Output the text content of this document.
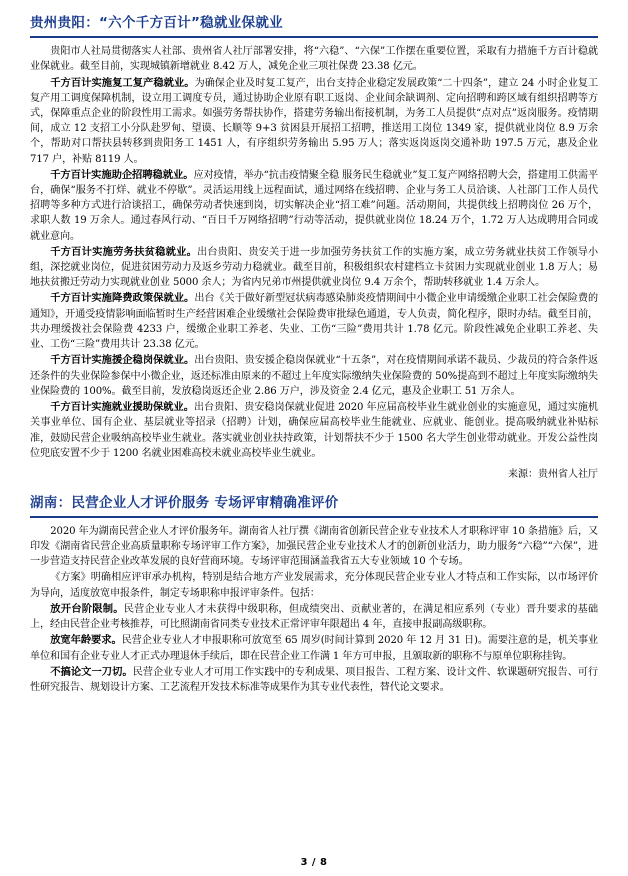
贵州贵阳：“六个千方百计”稳就业保就业

贵阳市人社局贯彻落实人社部、贵州省人社厅部署安排，将“六稳”、“六保”工作摆在重要位置，采取有力措施千方百计稳就业保就业。截至目前，实现城镇新增就业 8.42 万人，减免企业三项社保费 23.38 亿元。

千方百计实施复工复产稳就业。为确保企业及时复工复产，出台支持企业稳定发展政策“二十四条”，建立 24 小时企业复工复产用工调度保障机制，设立用工调度专员，通过协助企业原有职工返岗、企业间余缺调剂、定向招聘和跨区域有组织招聘等方式，保障重点企业的阶段性用工需求。如强劳务帮扶协作，搭建劳务输出衔接机制，为务工人员提供“点对点”返岗服务。疫情期间，成立 12 支招工小分队赴罗甸、望谟、长顺等 9+3 贫困县开展招工招聘，推送用工岗位 1349 家，提供就业岗位 8.9 万余个，帮助对口帮扶县转移到贵阳务工 1451 人，有序组织劳务输出 5.95 万人；落实返岗返岗交通补助 197.5 万元，惠及企业 717 户，补贴 8119 人。

千方百计实施助企招聘稳就业。应对疫情，举办“抗击疫情聚全稳 服务民生稳就业”复工复产网络招聘大会，搭建用工供需平台，确保“服务不打烊、就业不停歇”。灵活运用线上远程面试，通过网络在线招聘、企业与务工人员洽谈、人社部门工作人员代招聘等多种方式进行洽谈招工，确保劳动者快速到岗，切实解决企业“招工难”问题。活动期间，共提供线上招聘岗位 26 万个，求职人数 19 万余人。通过春风行动、“百日千万网络招聘”行动等活动，提供就业岗位 18.24 万个，1.72 万人达成聘用合同或就业意向。

千方百计实施劳务扶贫稳就业。出台贵阳、贵安关于进一步加强劳务扶贫工作的实施方案，成立劳务就业扶贫工作领导小组，深挖就业岗位，促进贫困劳动力及返乡劳动力稳就业。截至目前，积极组织农村建档立卡贫困力实现就业创业 1.8 万人；易地扶贫搬迁劳动力实现就业创业 5000 余人；为省内兄弟市州提供就业岗位 9.4 万余个，帮助转移就业 1.4 万余人。

千方百计实施降费政策保就业。出台《关于做好新型冠状病毒感染肺炎疫情期间中小微企业申请缓缴企业职工社会保险费的通知》，开通受疫情影响面临暂时生产经营困难企业缓缴社会保险费审批绿色通道，专人负责，简化程序，限时办结。截至目前，共办理缓拨社会保险费 4233 户，缓缴企业职工养老、失业、工伤“三险”费用共计 1.78 亿元。阶段性减免企业职工养老、失业、工伤“三险”费用共计 23.38 亿元。

千方百计实施援企稳岗保就业。出台贵阳、贵安援企稳岗保就业“十五条”，对在疫情期间承诺不裁员、少裁员的符合条件返还条件的失业保险参保中小微企业，返还标准由原来的不超过上年度实际缴纳失业保险费的 50%提高到不超过上年度实际缴纳失业保险费的 100%。截至目前，发放稳岗返还企业 2.86 万户，涉及资金 2.4 亿元，惠及企业职工 51 万余人。

千方百计实施就业援助保就业。出台贵阳、贵安稳岗保就业促进 2020 年应届高校毕业生就业创业的实施意见，通过实施机关事业单位、国有企业、基层就业等招录（招聘）计划，确保应届高校毕业生能就业、应就业、能创业。提高吸纳就业补贴标准，鼓励民营企业吸纳高校毕业生就业。落实就业创业扶持政策，计划帮扶不少于 1500 名大学生创业带动就业。开发公益性岗位兜底安置不少于 1200 名就业困难高校未就业高校毕业生就业。

来源：贵州省人社厅

湖南：民营企业人才评价服务 专场评审精确准评价

2020 年为湖南民营企业人才评价服务年。湖南省人社厅撰《湖南省创新民营企业专业技术人才职称评审 10 条措施》后，又印发《湖南省民营企业高质量职称专场评审工作方案》，加强民营企业专业技术人才的创新创业活力，助力服务“六稳”“六保”，进一步营造支持民营企业改革发展的良好营商环境。专场评审范围涵盖我省五大专业领域 10 个专场。

《方案》明确相应评审承办机构，特别是结合地方产业发展需求，充分体现民营企业专业人才特点和工作实际，以市场评价为导向，适度放宽申报条件，制定专场职称申报评审条件。包括：

放开台阶限制。民营企业专业人才未获得中级职称，但成绩突出、贡献业著的，在满足相应系列（专业）晋升要求的基础上，经由民营企业考核推荐，可比照湖南省同类专业技术正常评审年限超出 4 年，直接申报副高级职称。

放宽年龄要求。民营企业专业人才申报职称可放宽至 65 周岁(时间计算到 2020 年 12 月 31 日)。需要注意的是，机关事业单位和国有企业专业人才正式办理退休手续后，即在民营企业工作满 1 年方可申报，且颁取新的职称不与原单位职称挂钩。

不搞论文一刀切。民营企业专业人才可用工作实践中的专利成果、项目报告、工程方案、设计文件、软课题研究报告、可行性研究报告、规划设计方案、工艺流程开发技术标准等成果作为其专业代表性，替代论文要求。

3 / 8
